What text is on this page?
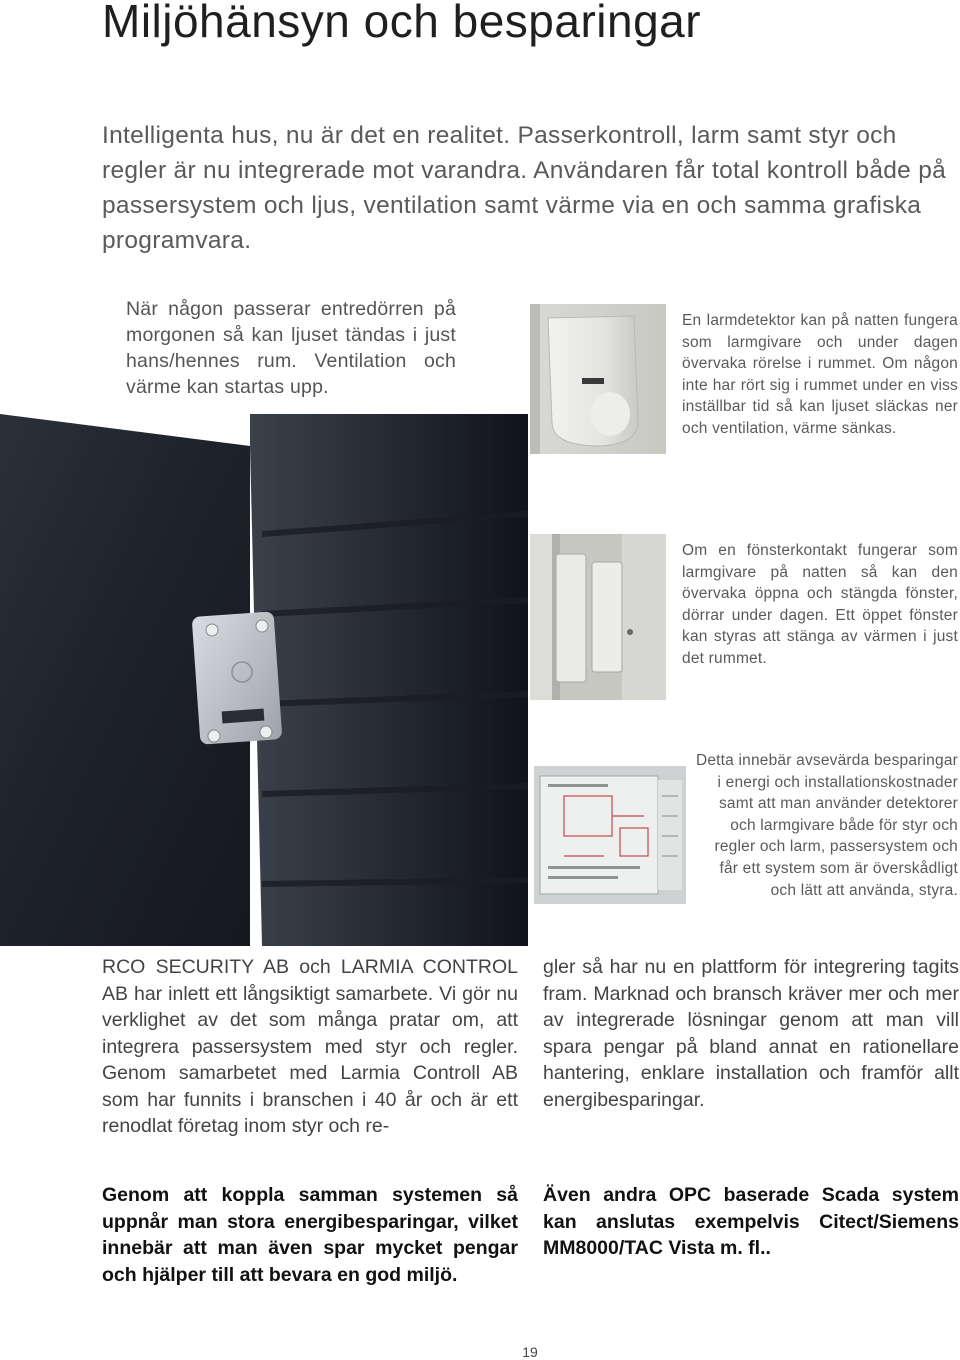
Miljöhänsyn och besparingar
Intelligenta hus, nu är det en realitet. Passerkontroll, larm samt styr och regler är nu integrerade mot varandra. Användaren får total kontroll både på passersystem och ljus, ventilation samt värme via en och samma grafiska programvara.
När någon passerar entredörren på morgonen så kan ljuset tändas i just hans/hennes rum. Ventilation och värme kan startas upp.
En larmdetektor kan på natten fungera som larmgivare och under dagen övervaka rörelse i rummet. Om någon inte har rört sig i rummet under en viss inställbar tid så kan ljuset släckas ner och ventilation, värme sänkas.
Om en fönsterkontakt fungerar som larmgivare på natten så kan den övervaka öppna och stängda fönster, dörrar under dagen. Ett öppet fönster kan styras att stänga av värmen i just det rummet.
Detta innebär avsevärda besparingar i energi och installationskostnader samt att man använder detektorer och larmgivare både för styr och regler och larm, passersystem och får ett system som är överskådligt och lätt att använda, styra.
RCO SECURITY AB och LARMIA CONTROL AB har inlett ett långsiktigt samarbete. Vi gör nu verklighet av det som många pratar om, att integrera passersystem med styr och regler. Genom samarbetet med Larmia Controll AB som har funnits i branschen i 40 år och är ett renodlat företag inom styr och re-
gler så har nu en plattform för integrering tagits fram. Marknad och bransch kräver mer och mer av integrerade lösningar genom att man vill spara pengar på bland annat en rationellare hantering, enklare installation och framför allt energibesparingar.
Genom att koppla samman systemen så uppnår man stora energibesparingar, vilket innebär att man även spar mycket pengar och hjälper till att bevara en god miljö.
Även andra OPC baserade Scada system kan anslutas exempelvis Citect/Siemens MM8000/TAC Vista m. fl..
19
